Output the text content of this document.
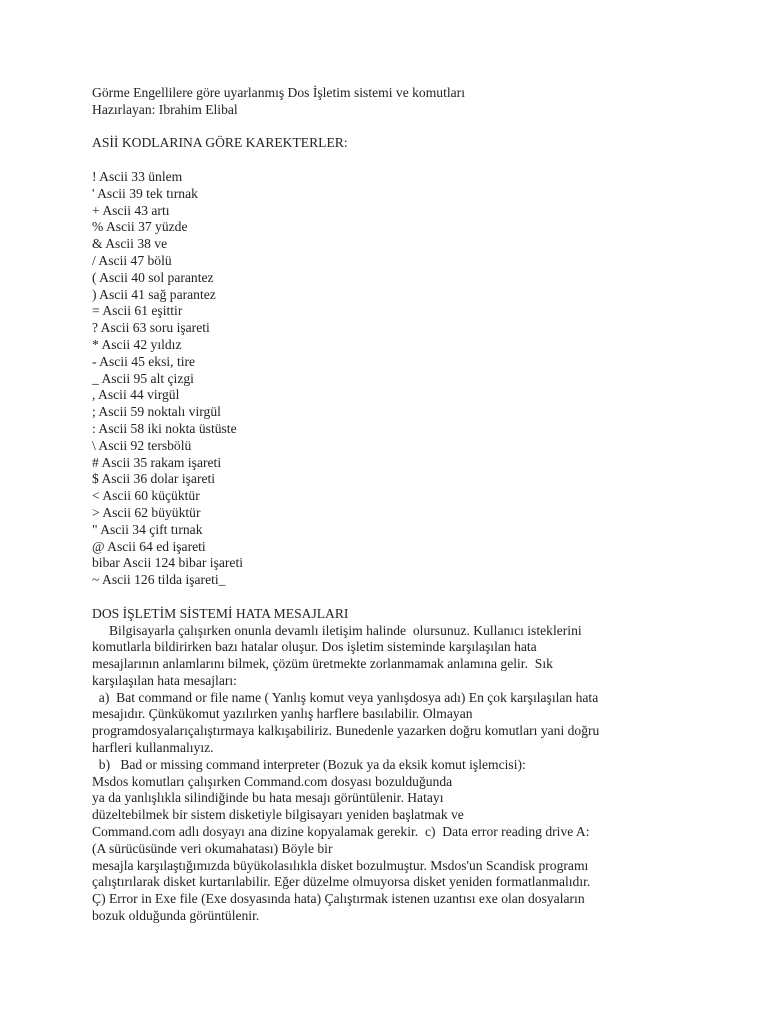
Görme Engellilere göre uyarlanmış Dos İşletim sistemi ve komutları
Hazırlayan: Ibrahim Elibal
ASİİ KODLARINA GÖRE KAREKTERLER:
! Ascii 33 ünlem
' Ascii 39 tek tırnak
+ Ascii 43 artı
% Ascii 37 yüzde
& Ascii 38 ve
/ Ascii 47 bölü
( Ascii 40 sol parantez
) Ascii 41 sağ parantez
= Ascii 61 eşittir
? Ascii 63 soru işareti
* Ascii 42 yıldız
- Ascii 45 eksi, tire
_ Ascii 95 alt çizgi
, Ascii 44 virgül
; Ascii 59 noktalı virgül
: Ascii 58 iki nokta üstüste
\ Ascii 92 tersbölü
# Ascii 35 rakam işareti
$ Ascii 36 dolar işareti
< Ascii 60 küçüktür
> Ascii 62 büyüktür
" Ascii 34 çift tırnak
@ Ascii 64 ed işareti
bibar Ascii 124 bibar işareti
~ Ascii 126 tilda işareti_
DOS İŞLETİM SİSTEMİ HATA MESAJLARI
Bilgisayarla çalışırken onunla devamlı iletişim halinde  olursunuz. Kullanıcı isteklerini
komutlarla bildirirken bazı hatalar oluşur. Dos işletim sisteminde karşılaşılan hata
mesajlarının anlamlarını bilmek, çözüm üretmekte zorlanmamak anlamına gelir.  Sık
karşılaşılan hata mesajları:
a)  Bat command or file name ( Yanlış komut veya yanlışdosya adı) En çok karşılaşılan hata
mesajıdır. Çünkükomut yazılırken yanlış harflere basılabilir. Olmayan
programdosyalarıçalıştırmaya kalkışabiliriz. Bunedenle yazarken doğru komutları yani doğru
harfleri kullanmalıyız.
b)   Bad or missing command interpreter (Bozuk ya da eksik komut işlemcisi):
Msdos komutları çalışırken Command.com dosyası bozulduğunda
ya da yanlışlıkla silindiğinde bu hata mesajı görüntülenir. Hatayı
düzeltebilmek bir sistem disketiyle bilgisayarı yeniden başlatmak ve
Command.com adlı dosyayı ana dizine kopyalamak gerekir.  c)  Data error reading drive A:
(A sürücüsünde veri okumahatası) Böyle bir
mesajla karşılaştığımızda büyükolasılıkla disket bozulmuştur. Msdos'un Scandisk programı
çalıştırılarak disket kurtarılabilir. Eğer düzelme olmuyorsa disket yeniden formatlanmalıdır.
Ç) Error in Exe file (Exe dosyasında hata) Çalıştırmak istenen uzantısı exe olan dosyaların
bozuk olduğunda görüntülenir.
